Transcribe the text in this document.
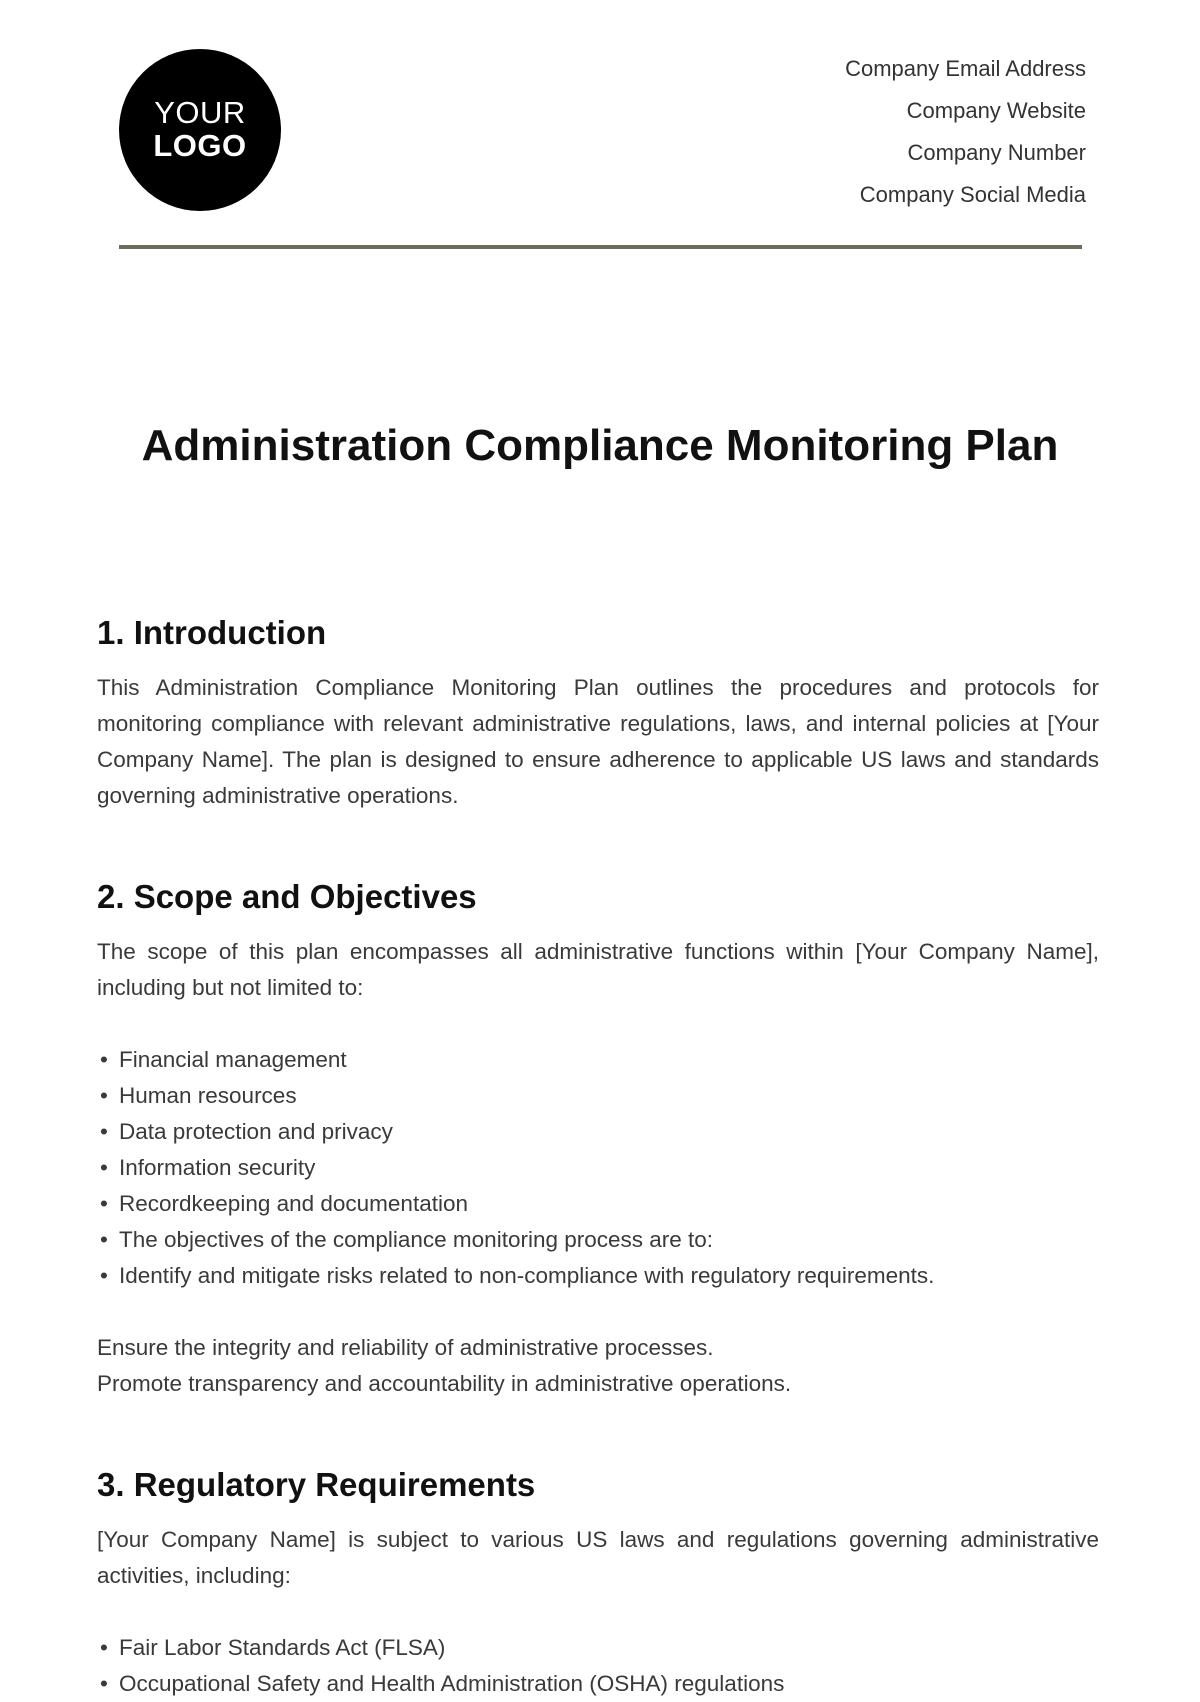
YOUR
LOGO
Company Email Address
Company Website
Company Number
Company Social Media
Administration Compliance Monitoring Plan
1. Introduction

This Administration Compliance Monitoring Plan outlines the procedures and protocols for monitoring compliance with relevant administrative regulations, laws, and internal policies at [Your Company Name]. The plan is designed to ensure adherence to applicable US laws and standards governing administrative operations.

2. Scope and Objectives

The scope of this plan encompasses all administrative functions within [Your Company Name], including but not limited to:

• Financial management
• Human resources
• Data protection and privacy
• Information security
• Recordkeeping and documentation
• The objectives of the compliance monitoring process are to:
• Identify and mitigate risks related to non-compliance with regulatory requirements.

Ensure the integrity and reliability of administrative processes.

Promote transparency and accountability in administrative operations.

3. Regulatory Requirements

[Your Company Name] is subject to various US laws and regulations governing administrative activities, including:

• Fair Labor Standards Act (FLSA)
• Occupational Safety and Health Administration (OSHA) regulations
